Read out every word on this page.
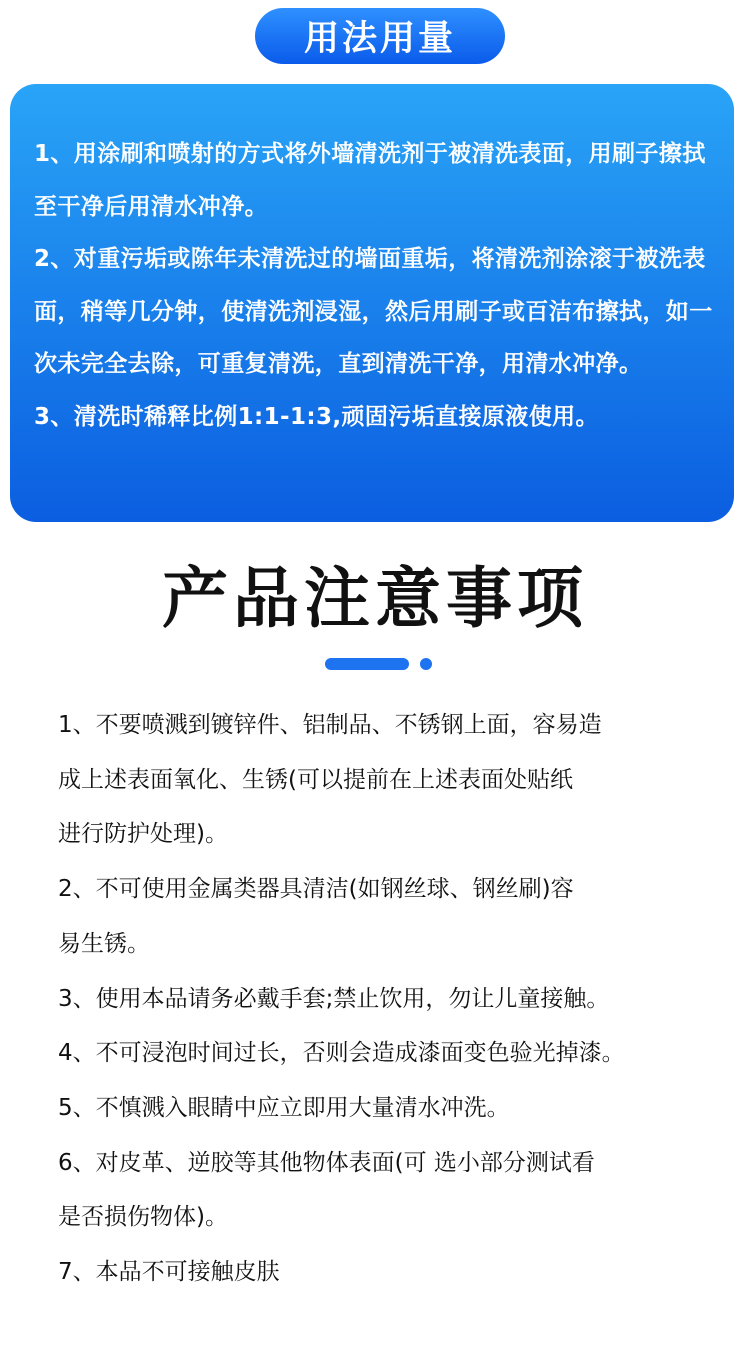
用法用量

1、用涂刷和喷射的方式将外墙清洗剂于被清洗表面，用刷子擦拭至干净后用清水冲净。

2、对重污垢或陈年未清洗过的墙面重垢，将清洗剂涂滚于被洗表面，稍等几分钟，使清洗剂浸湿，然后用刷子或百洁布擦拭，如一次未完全去除，可重复清洗，直到清洗干净，用清水冲净。

3、清洗时稀释比例1:1-1:3,顽固污垢直接原液使用。

产品注意事项

1、不要喷溅到镀锌件、铝制品、不锈钢上面，容易造

成上述表面氧化、生锈(可以提前在上述表面处贴纸

进行防护处理)。

2、不可使用金属类器具清洁(如钢丝球、钢丝刷)容

易生锈。

3、使用本品请务必戴手套;禁止饮用，勿让儿童接触。

4、不可浸泡时间过长，否则会造成漆面变色验光掉漆。

5、不慎溅入眼睛中应立即用大量清水冲洗。

6、对皮革、逆胶等其他物体表面(可 选小部分测试看

是否损伤物体)。

7、本品不可接触皮肤
